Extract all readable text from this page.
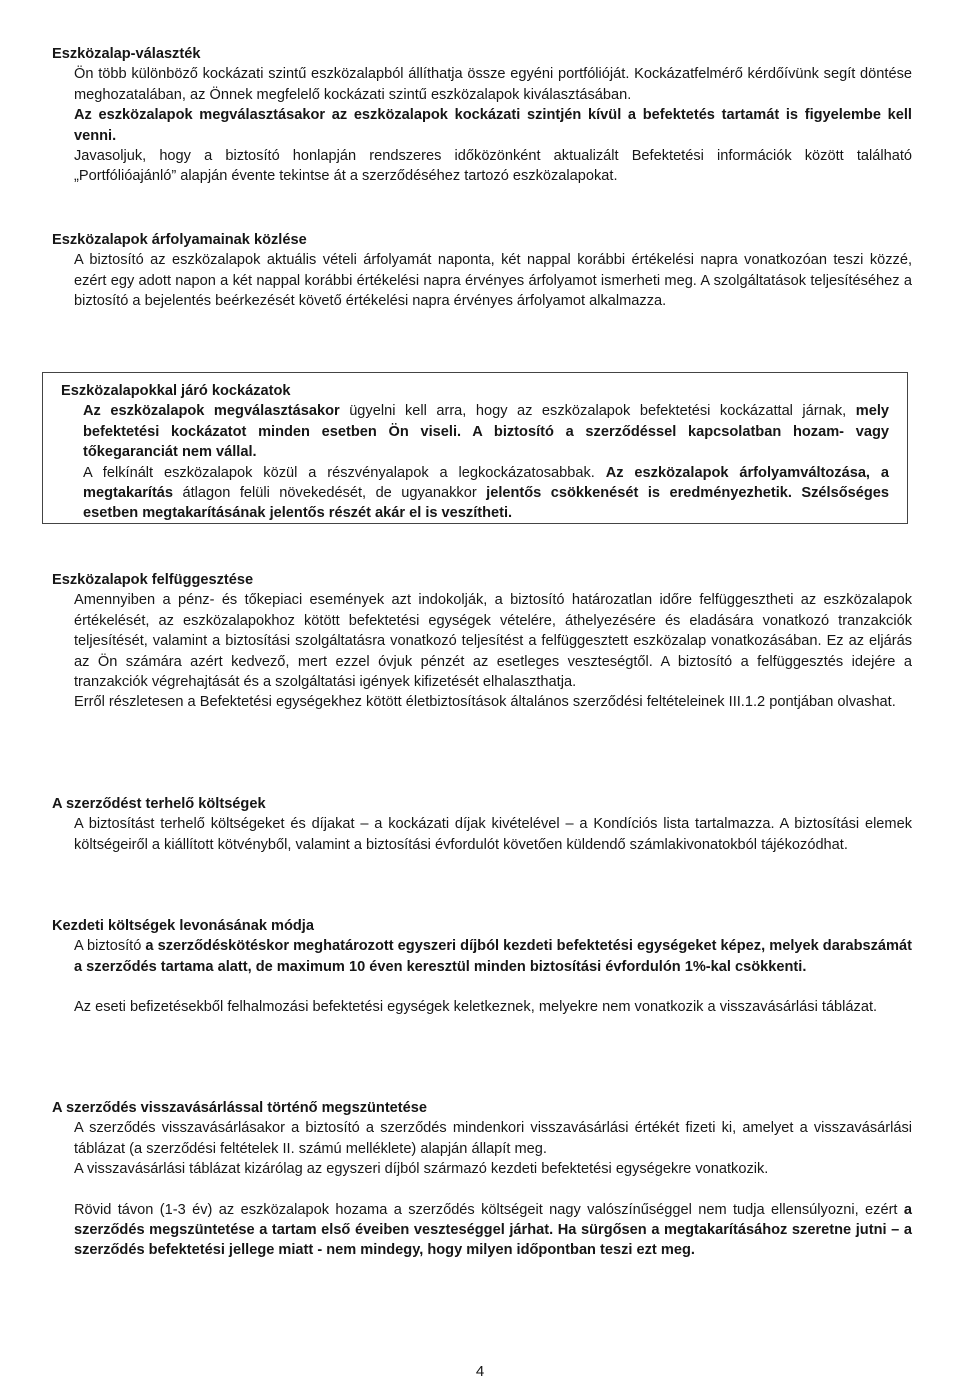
Eszközalap-választék

Ön több különböző kockázati szintű eszközalapból állíthatja össze egyéni portfólióját. Kockázatfelmérő kérdőívünk segít döntése meghozatalában, az Önnek megfelelő kockázati szintű eszközalapok kiválasztásában.

Az eszközalapok megválasztásakor az eszközalapok kockázati szintjén kívül a befektetés tartamát is figyelembe kell venni.

Javasoljuk, hogy a biztosító honlapján rendszeres időközönként aktualizált Befektetési információk között található „Portfólióajánló” alapján évente tekintse át a szerződéséhez tartozó eszközalapokat.

Eszközalapok árfolyamainak közlése

A biztosító az eszközalapok aktuális vételi árfolyamát naponta, két nappal korábbi értékelési napra vonatkozóan teszi közzé, ezért egy adott napon a két nappal korábbi értékelési napra érvényes árfolyamot ismerheti meg. A szolgáltatások teljesítéséhez a biztosító a bejelentés beérkezését követő értékelési napra érvényes árfolyamot alkalmazza.

Eszközalapokkal járó kockázatok

Az eszközalapok megválasztásakor ügyelni kell arra, hogy az eszközalapok befektetési kockázattal járnak, mely befektetési kockázatot minden esetben Ön viseli. A biztosító a szerződéssel kapcsolatban hozam- vagy tőkegaranciát nem vállal.

A felkínált eszközalapok közül a részvényalapok a legkockázatosabbak. Az eszközalapok árfolyamváltozása, a megtakarítás átlagon felüli növekedését, de ugyanakkor jelentős csökkenését is eredményezhetik. Szélsőséges esetben megtakarításának jelentős részét akár el is veszítheti.

Eszközalapok felfüggesztése

Amennyiben a pénz- és tőkepiaci események azt indokolják, a biztosító határozatlan időre felfüggesztheti az eszközalapok értékelését, az eszközalapokhoz kötött befektetési egységek vételére, áthelyezésére és eladására vonatkozó tranzakciók teljesítését, valamint a biztosítási szolgáltatásra vonatkozó teljesítést a felfüggesztett eszközalap vonatkozásában. Ez az eljárás az Ön számára azért kedvező, mert ezzel óvjuk pénzét az esetleges veszteségtől. A biztosító a felfüggesztés idejére a tranzakciók végrehajtását és a szolgáltatási igények kifizetését elhalaszthatja.

Erről részletesen a Befektetési egységekhez kötött életbiztosítások általános szerződési feltételeinek III.1.2 pontjában olvashat.

A szerződést terhelő költségek

A biztosítást terhelő költségeket és díjakat – a kockázati díjak kivételével – a Kondíciós lista tartalmazza. A biztosítási elemek költségeiről a kiállított kötvényből, valamint a biztosítási évfordulót követően küldendő számlakivonatokból tájékozódhat.

Kezdeti költségek levonásának módja

A biztosító a szerződéskötéskor meghatározott egyszeri díjból kezdeti befektetési egységeket képez, melyek darabszámát a szerződés tartama alatt, de maximum 10 éven keresztül minden biztosítási évfordulón 1%-kal csökkenti.

Az eseti befizetésekből felhalmozási befektetési egységek keletkeznek, melyekre nem vonatkozik a visszavásárlási táblázat.

A szerződés visszavásárlással történő megszüntetése

A szerződés visszavásárlásakor a biztosító a szerződés mindenkori visszavásárlási értékét fizeti ki, amelyet a visszavásárlási táblázat (a szerződési feltételek II. számú melléklete) alapján állapít meg.

A visszavásárlási táblázat kizárólag az egyszeri díjból származó kezdeti befektetési egységekre vonatkozik.

Rövid távon (1-3 év) az eszközalapok hozama a szerződés költségeit nagy valószínűséggel nem tudja ellensúlyozni, ezért a szerződés megszüntetése a tartam első éveiben veszteséggel járhat. Ha sürgősen a megtakarításához szeretne jutni – a szerződés befektetési jellege miatt - nem mindegy, hogy milyen időpontban teszi ezt meg.

4
